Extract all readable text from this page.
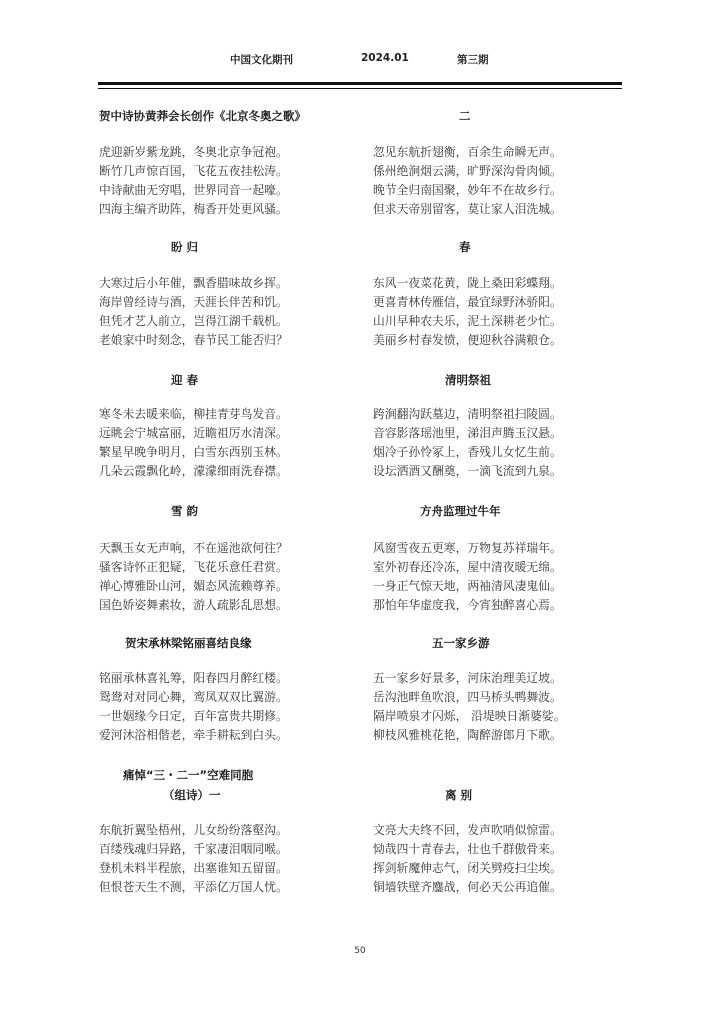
中国文化期刊	2024.01	第三期
贺中诗协黄莽会长创作《北京冬奥之歌》
虎迎新岁紫龙跳，冬奥北京争冠袍。
断竹几声惊百国，飞花五夜挂松涛。
中诗献曲无穷唱，世界同音一起嚎。
四海主编齐助阵，梅香开处更风骚。
盼 归
大寒过后小年催，飘香腊味故乡挥。
海岸曾经诗与酒，天涯长伴苦和饥。
但凭才艺人前立，岂得江湖千载机。
老娘家中时刻念，春节民工能否归？
迎 春
寒冬未去暖来临，柳挂青芽鸟发音。
远眺会宁城富丽，近瞻祖厉水清深。
繁星早晚争明月，白雪东西别玉林。
几朵云霞飘化岭，濛濛细雨洗春襟。
雪 韵
天飘玉女无声响，不在遥池欲何往？
骚客诗怀正犯疑，飞花乐意任君赏。
禅心博雅卧山河，媚态风流赖尊养。
国色娇姿舞素妆，游人疏影乱思想。
贺宋承林梁铭丽喜结良缘
铭丽承林喜礼筹，阳春四月醉红楼。
鸳鸯对对同心舞，鸾凤双双比翼游。
一世姻缘今日定，百年富贵共期修。
爱河沐浴相偕老，牵手耕耘到白头。
痛悼“三・二一”空难同胞
（组诗）一
东航折翼坠梧州，儿女纷纷落壑沟。
百缕残魂归异路，千家凄泪咽同喉。
登机未料半程旅，出塞谁知五留留。
但恨苍天生不测，平添亿万国人忧。
二
忽见东航折翅衡，百余生命瞬无声。
係州绝涧烟云满，旷野深沟骨肉倾。
晚节全归南国聚，妙年不在故乡行。
但求天帝别留客，莫让家人泪洗城。
春
东风一夜菜花黄，陇上桑田彩蝶翔。
更喜青林传雁信，最宜绿野沐骄阳。
山川早种农夫乐，泥土深耕老少忙。
美丽乡村春发愤，便迎秋谷满粮仓。
清明祭祖
跨涧翻沟跃墓边，清明祭祖扫陵圆。
音容影落瑶池里，涕泪声腾玉汉悬。
烟冷子孙怜冢上，香残儿女忆生前。
设坛洒酒又酬奠，一滴飞流到九泉。
方舟监理过牛年
风窗雪夜五更寒，万物复苏祥瑞年。
室外初春还冷冻，屋中清夜暖无绵。
一身正气惊天地，两袖清风凄鬼仙。
那怕年华虚度我，今宵独醉喜心焉。
五一家乡游
五一家乡好景多，河床治理美辽坡。
岳沟池畔鱼吹浪，四马桥头鸭舞波。
隔岸喷泉才闪烁， 沿堤映日渐婆娑。
柳枝风雅桃花艳，陶醉游郎月下歌。
离 别
文亮大夫终不回，发声吹哨似惊雷。
恸哉四十青春去，壮也千群傲骨来。
挥剑斩魔伸志气，闭关劈疫扫尘埃。
铜墙铁壁齐鏖战，何必天公再追催。
50
